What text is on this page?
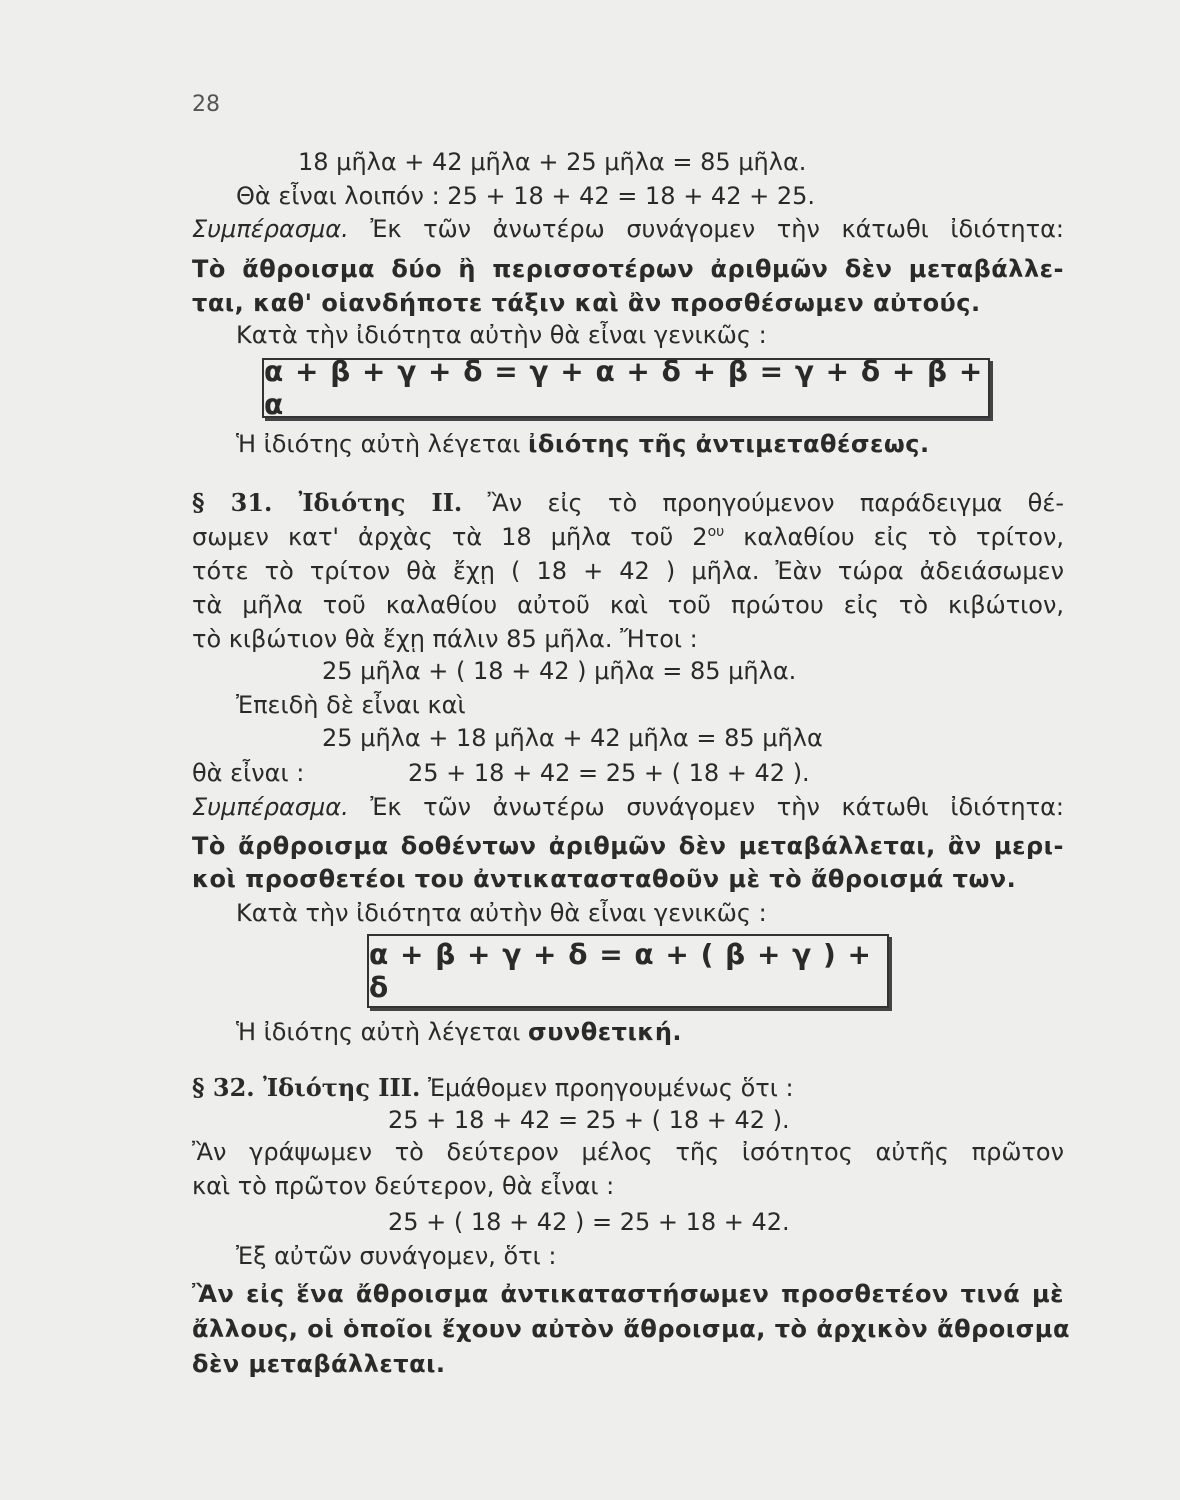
28
18 μῆλα + 42 μῆλα + 25 μῆλα = 85 μῆλα.
Θὰ εἶναι λοιπόν : 25 + 18 + 42 = 18 + 42 + 25.
Συμπέρασμα. Ἐκ τῶν ἀνωτέρω συνάγομεν τὴν κάτωθι ἰδιότητα:
Τὸ ἄθροισμα δύο ἢ περισσοτέρων ἀριθμῶν δὲν μεταβάλλε-
ται, καθ' οἱανδήποτε τάξιν καὶ ἂν προσθέσωμεν αὐτούς.
Κατὰ τὴν ἰδιότητα αὐτὴν θὰ εἶναι γενικῶς :
α + β + γ + δ = γ + α + δ + β = γ + δ + β + α
Ἡ ἰδιότης αὐτὴ λέγεται ἰδιότης τῆς ἀντιμεταθέσεως.
§ 31. Ἰδιότης ΙΙ. Ἂν εἰς τὸ προηγούμενον παράδειγμα θέ-
σωμεν κατ' ἀρχὰς τὰ 18 μῆλα τοῦ $2^{o\upsilon}$ καλαθίου εἰς τὸ τρίτον,
τότε τὸ τρίτον θὰ ἔχῃ ( 18 + 42 ) μῆλα. Ἐὰν τώρα ἀδειάσωμεν
τὰ μῆλα τοῦ καλαθίου αὐτοῦ καὶ τοῦ πρώτου εἰς τὸ κιβώτιον,
τὸ κιβώτιον θὰ ἔχῃ πάλιν 85 μῆλα. Ἤτοι :
25 μῆλα + ( 18 + 42 ) μῆλα = 85 μῆλα.
Ἐπειδὴ δὲ εἶναι καὶ
25 μῆλα + 18 μῆλα + 42 μῆλα = 85 μῆλα
θὰ εἶναι :	25 + 18 + 42 = 25 + ( 18 + 42 ).
Συμπέρασμα. Ἐκ τῶν ἀνωτέρω συνάγομεν τὴν κάτωθι ἰδιότητα:
Τὸ ἄρθροισμα δοθέντων ἀριθμῶν δὲν μεταβάλλεται, ἂν μερι-
κοὶ προσθετέοι του ἀντικατασταθοῦν μὲ τὸ ἄθροισμά των.
Κατὰ τὴν ἰδιότητα αὐτὴν θὰ εἶναι γενικῶς :
α + β + γ + δ = α + ( β + γ ) + δ
Ἡ ἰδιότης αὐτὴ λέγεται συνθετική.
§ 32. Ἰδιότης ΙΙΙ. Ἐμάθομεν προηγουμένως ὅτι :
25 + 18 + 42 = 25 + ( 18 + 42 ).
Ἂν γράψωμεν τὸ δεύτερον μέλος τῆς ἰσότητος αὐτῆς πρῶτον
καὶ τὸ πρῶτον δεύτερον, θὰ εἶναι :
25 + ( 18 + 42 ) = 25 + 18 + 42.
Ἐξ αὐτῶν συνάγομεν, ὅτι :
Ἂν εἰς ἕνα ἄθροισμα ἀντικαταστήσωμεν προσθετέον τινά μὲ
ἄλλους, οἱ ὁποῖοι ἔχουν αὐτὸν ἄθροισμα, τὸ ἀρχικὸν ἄθροισμα
δὲν μεταβάλλεται.
